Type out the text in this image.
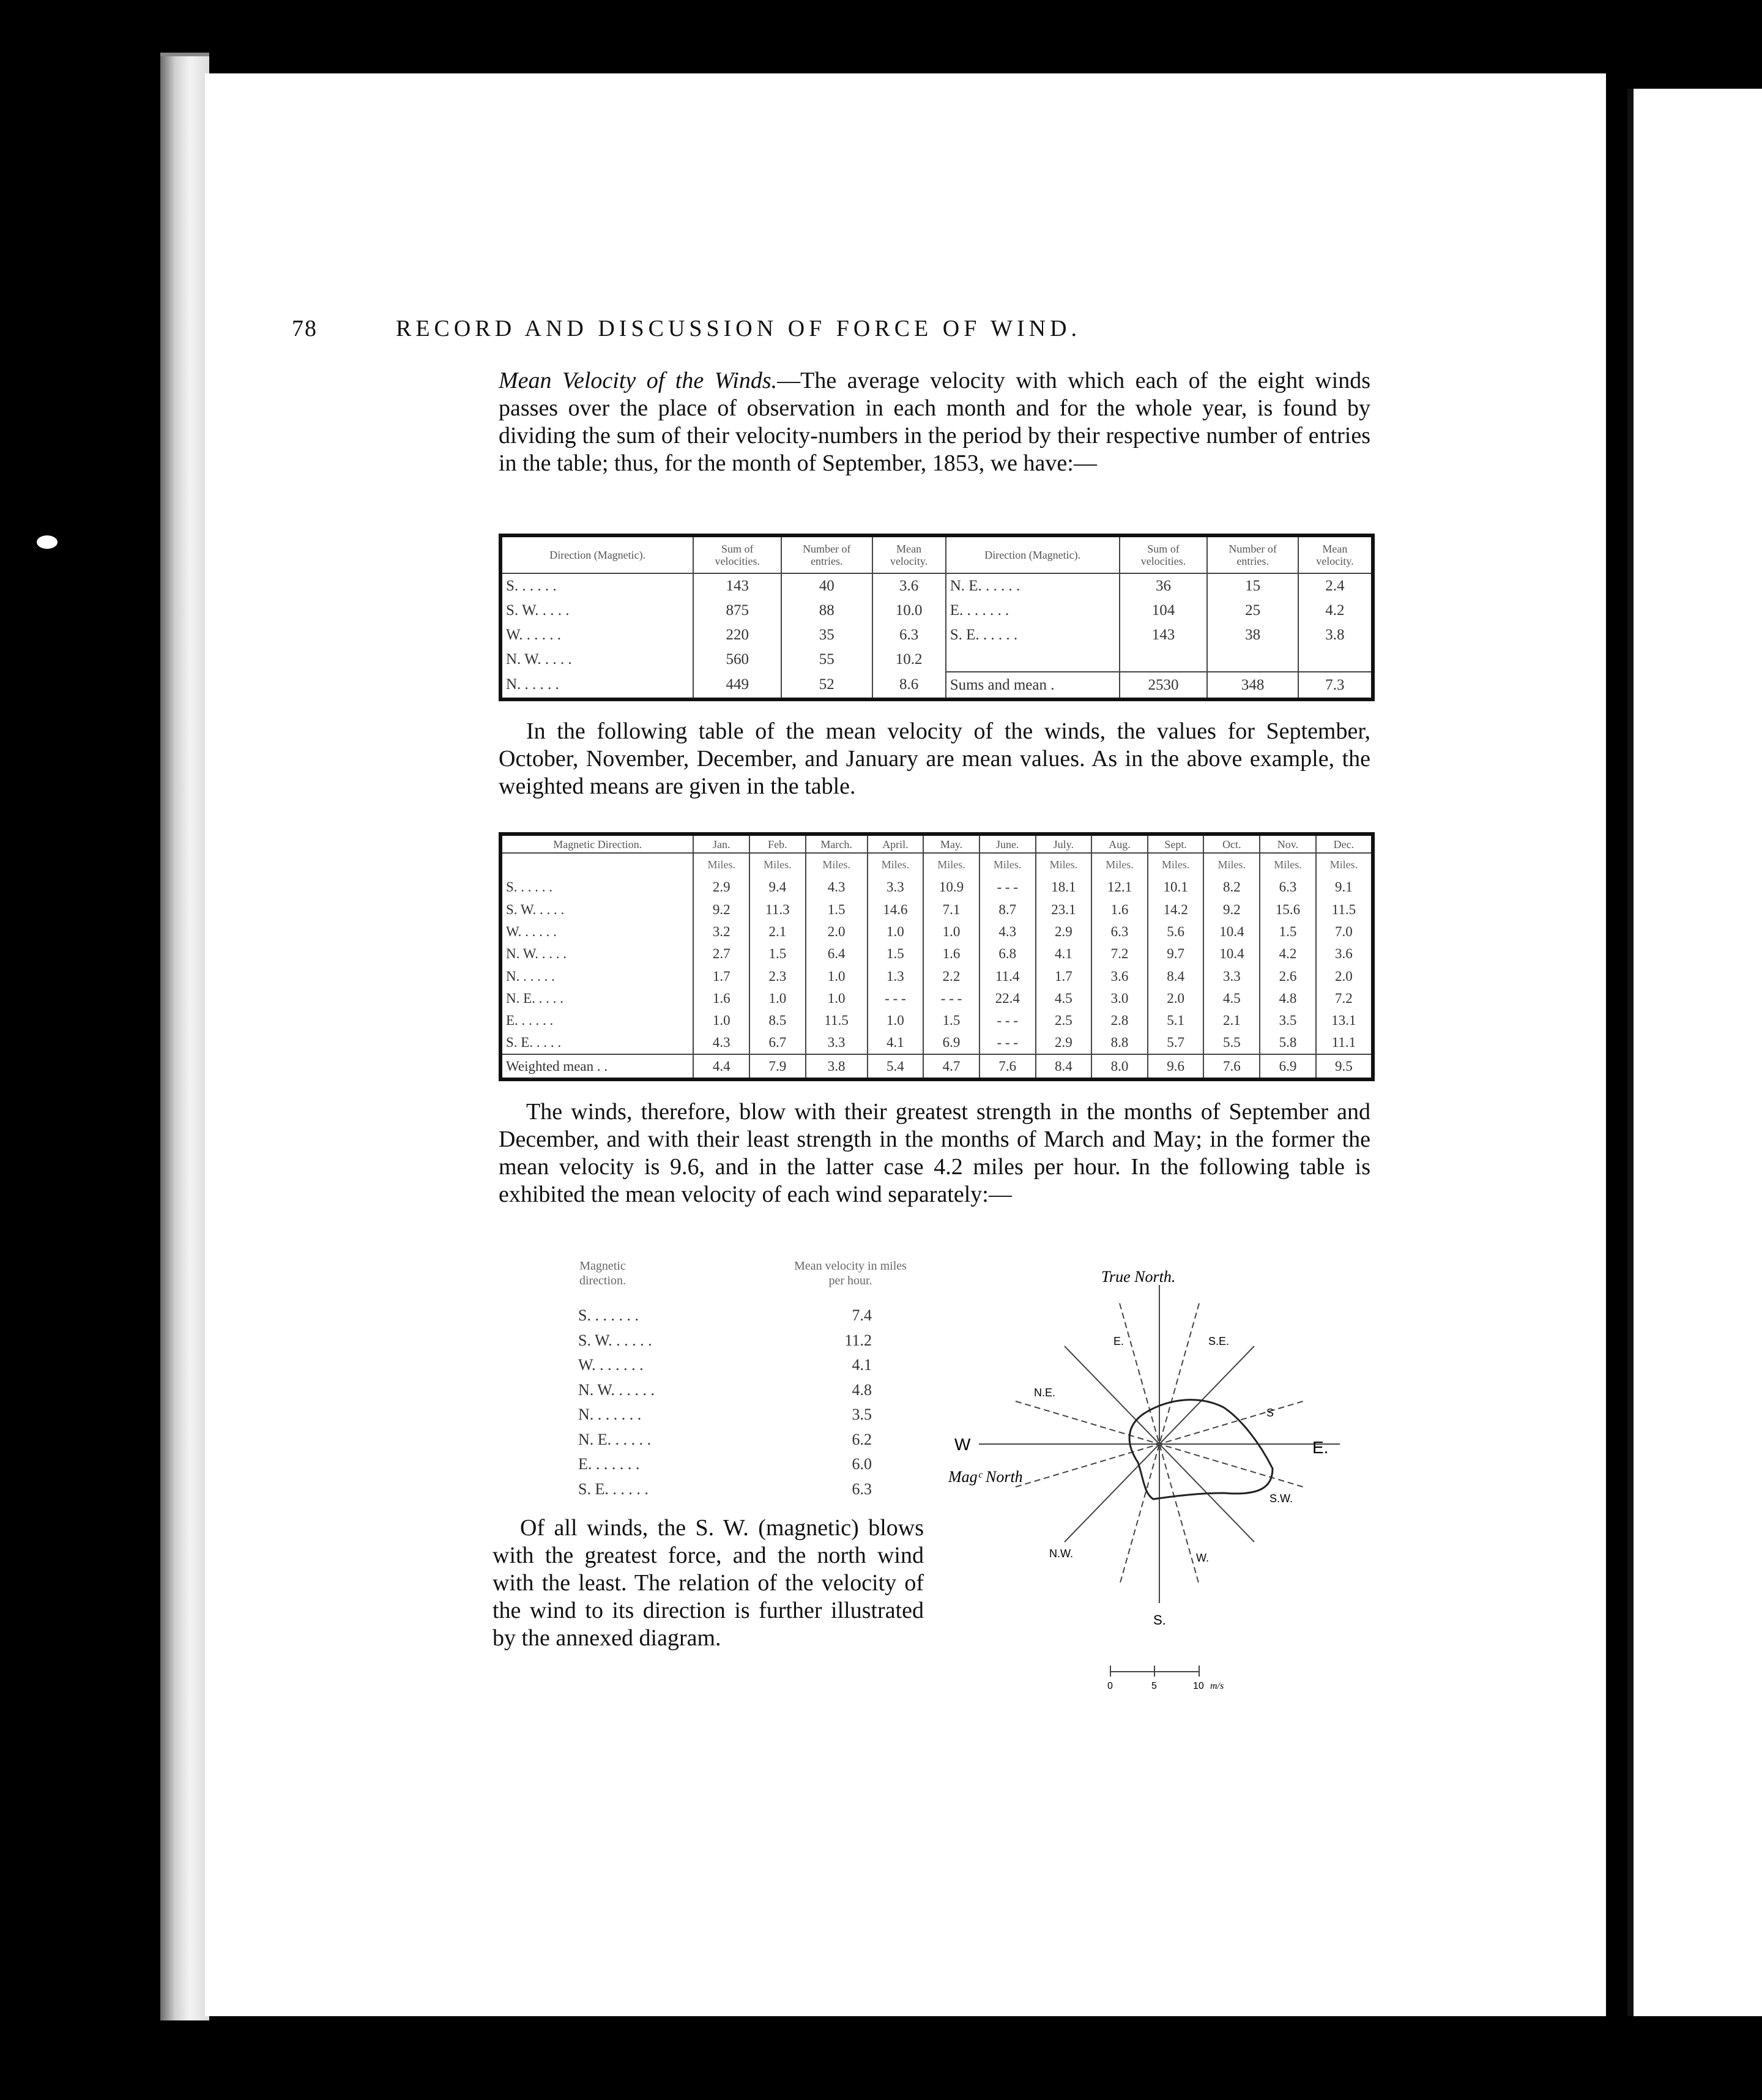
78	RECORD AND DISCUSSION OF FORCE OF WIND.

Mean Velocity of the Winds.—The average velocity with which each of the eight winds passes over the place of observation in each month and for the whole year, is found by dividing the sum of their velocity-numbers in the period by their respective number of entries in the table; thus, for the month of September, 1853, we have:—

Direction (Magnetic).	Sum of velocities.	Number of entries.	Mean velocity.	Direction (Magnetic).	Sum of velocities.	Number of entries.	Mean velocity.
S. . . . . .	143	40	3.6	N. E. . . . . .	36	15	2.4
S. W. . . . .	875	88	10.0	E. . . . . . .	104	25	4.2
W. . . . . .	220	35	6.3	S. E. . . . . .	143	38	3.8
N. W. . . . .	560	55	10.2				
N. . . . . .	449	52	8.6	Sums and mean .	2530	348	7.3

In the following table of the mean velocity of the winds, the values for September, October, November, December, and January are mean values. As in the above example, the weighted means are given in the table.

Magnetic Direction.	Jan.	Feb.	March.	April.	May.	June.	July.	Aug.	Sept.	Oct.	Nov.	Dec.
	Miles.	Miles.	Miles.	Miles.	Miles.	Miles.	Miles.	Miles.	Miles.	Miles.	Miles.	Miles.
S. . . . . .	2.9	9.4	4.3	3.3	10.9	- - -	18.1	12.1	10.1	8.2	6.3	9.1
S. W. . . . .	9.2	11.3	1.5	14.6	7.1	8.7	23.1	1.6	14.2	9.2	15.6	11.5
W. . . . . .	3.2	2.1	2.0	1.0	1.0	4.3	2.9	6.3	5.6	10.4	1.5	7.0
N. W. . . . .	2.7	1.5	6.4	1.5	1.6	6.8	4.1	7.2	9.7	10.4	4.2	3.6
N. . . . . .	1.7	2.3	1.0	1.3	2.2	11.4	1.7	3.6	8.4	3.3	2.6	2.0
N. E. . . . .	1.6	1.0	1.0	- - -	- - -	22.4	4.5	3.0	2.0	4.5	4.8	7.2
E. . . . . .	1.0	8.5	11.5	1.0	1.5	- - -	2.5	2.8	5.1	2.1	3.5	13.1
S. E. . . . .	4.3	6.7	3.3	4.1	6.9	- - -	2.9	8.8	5.7	5.5	5.8	11.1
Weighted mean . .	4.4	7.9	3.8	5.4	4.7	7.6	8.4	8.0	9.6	7.6	6.9	9.5

The winds, therefore, blow with their greatest strength in the months of September and December, and with their least strength in the months of March and May; in the former the mean velocity is 9.6, and in the latter case 4.2 miles per hour. In the following table is exhibited the mean velocity of each wind separately:—

Magnetic direction.
Mean velocity in miles per hour.
S. . . . . . .	7.4
S. W. . . . . .	11.2
W. . . . . . .	4.1
N. W. . . . . .	4.8
N. . . . . . .	3.5
N. E. . . . . .	6.2
E. . . . . . .	6.0
S. E. . . . . .	6.3

Of all winds, the S. W. (magnetic) blows with the greatest force, and the north wind with the least. The relation of the velocity of the wind to its direction is further illustrated by the annexed diagram.

True North.
E.	S.E.
N.E.
S
W	E.
Magᶜ North
S.W.
N.W.	W.
S.
0	5	10 m/s
